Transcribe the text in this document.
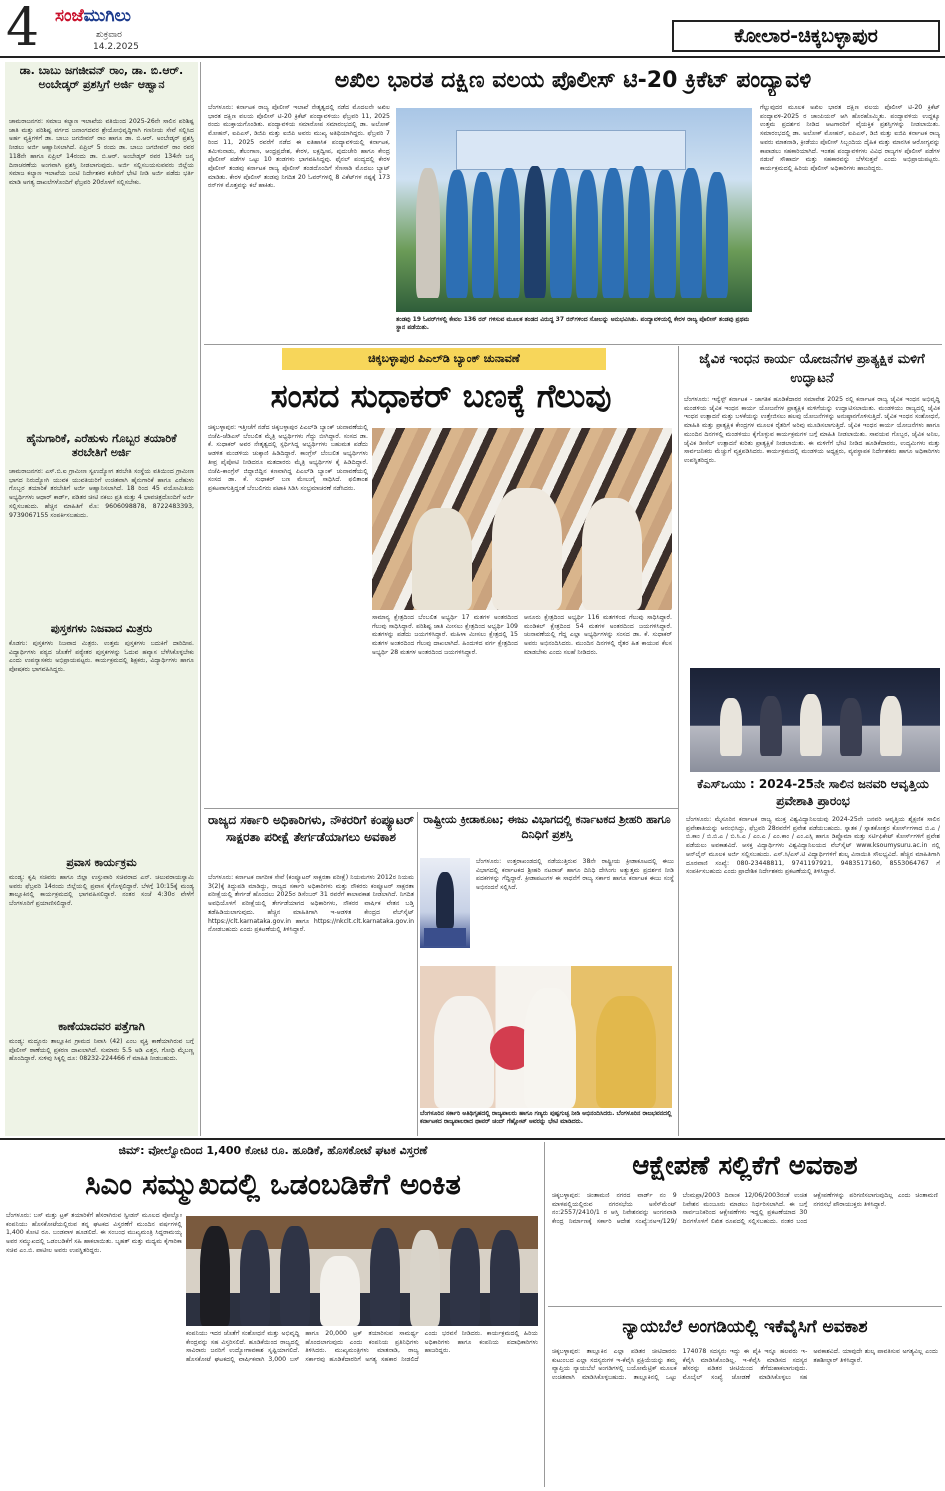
4 ಸಂಜೆಮುಗಿಲು
ಶುಕ್ರವಾರ
14.2.2025	ಕೋಲಾರ-ಚಿಕ್ಕಬಳ್ಳಾಪುರ
ಡಾ. ಬಾಬು ಜಗಜೀವನ್ ರಾಂ, ಡಾ. ಬಿ.ಆರ್. ಅಂಬೇಡ್ಕರ್ ಪ್ರಶಸ್ತಿಗೆ ಅರ್ಜಿ ಆಹ್ವಾನ
ಚಾಮರಾಜನಗರ: ಸಮಾಜ ಕಲ್ಯಾಣ ಇಲಾಖೆಯ ವತಿಯಿಂದ 2025-26ನೇ ಸಾಲಿನ ಪರಿಶಿಷ್ಟ ಜಾತಿ ಮತ್ತು ಪರಿಶಿಷ್ಟ ವರ್ಗದ ಜನಾಂಗದವರ ಶ್ರೇಯೋಭಿವೃದ್ಧಿಗಾಗಿ ಗಣನೀಯ ಸೇವೆ ಸಲ್ಲಿಸಿದ ಅರ್ಹ ವ್ಯಕ್ತಿಗಳಿಗೆ ಡಾ. ಬಾಬು ಜಗಜೀವನ್ ರಾಂ ಹಾಗೂ ಡಾ. ಬಿ.ಆರ್. ಅಂಬೇಡ್ಕರ್ ಪ್ರಶಸ್ತಿ ನೀಡಲು ಅರ್ಜಿ ಆಹ್ವಾನಿಸಲಾಗಿದೆ. ಏಪ್ರಿಲ್ 5 ರಂದು ಡಾ. ಬಾಬು ಜಗಜೀವನ್ ರಾಂ ರವರ 118ನೇ ಹಾಗೂ ಏಪ್ರಿಲ್ 14ರಂದು ಡಾ. ಬಿ.ಆರ್. ಅಂಬೇಡ್ಕರ್ ರವರ 134ನೇ ಜನ್ಮ ದಿನಾಚರಣೆಯ ಅಂಗವಾಗಿ ಪ್ರಶಸ್ತಿ ನೀಡಲಾಗುವುದು. ಅರ್ಜಿ ಸಲ್ಲಿಸಬಯಸುವವರು ಜಿಲ್ಲೆಯ ಸಮಾಜ ಕಲ್ಯಾಣ ಇಲಾಖೆಯ ಜಂಟಿ ನಿರ್ದೇಶಕರ ಕಚೇರಿಗೆ ಭೇಟಿ ನೀಡಿ ಅರ್ಜಿ ಪಡೆದು ಭರ್ತಿ ಮಾಡಿ ಅಗತ್ಯ ದಾಖಲೆಗಳೊಂದಿಗೆ ಫೆಬ್ರವರಿ 20ರೊಳಗೆ ಸಲ್ಲಿಸಬೇಕು.
ಹೈನುಗಾರಿಕೆ, ಎರೆಹುಳು ಗೊಬ್ಬರ ತಯಾರಿಕೆ ತರಬೇತಿಗೆ ಅರ್ಜಿ
ಚಾಮರಾಜನಗರ: ಎಸ್.ಬಿ.ಐ ಗ್ರಾಮೀಣ ಸ್ವಉದ್ಯೋಗ ತರಬೇತಿ ಸಂಸ್ಥೆಯ ವತಿಯಿಂದ ಗ್ರಾಮೀಣ ಭಾಗದ ನಿರುದ್ಯೋಗಿ ಯುವಕ ಯುವತಿಯರಿಗೆ ಉಚಿತವಾಗಿ ಹೈನುಗಾರಿಕೆ ಹಾಗೂ ಎರೆಹುಳು ಗೊಬ್ಬರ ತಯಾರಿಕೆ ತರಬೇತಿಗೆ ಅರ್ಜಿ ಆಹ್ವಾನಿಸಲಾಗಿದೆ. 18 ರಿಂದ 45 ವಯೋಮಿತಿಯ ಅಭ್ಯರ್ಥಿಗಳು ಆಧಾರ್ ಕಾರ್ಡ್, ಪಡಿತರ ಚೀಟಿ ನಕಲು ಪ್ರತಿ ಮತ್ತು 4 ಭಾವಚಿತ್ರದೊಂದಿಗೆ ಅರ್ಜಿ ಸಲ್ಲಿಸಬಹುದು. ಹೆಚ್ಚಿನ ಮಾಹಿತಿಗೆ ಮೊ: 9606098878, 8722483393, 9739067155 ಸಂಪರ್ಕಿಸಬಹುದು.
ಪುಸ್ತಕಗಳು ನಿಜವಾದ ಮಿತ್ರರು
ಕೊಡಗು: ಪುಸ್ತಕಗಳು ನಿಜವಾದ ಮಿತ್ರರು. ಉತ್ತಮ ಪುಸ್ತಕಗಳು ಬದುಕಿಗೆ ದಾರಿದೀಪ. ವಿದ್ಯಾರ್ಥಿಗಳು ಪಠ್ಯದ ಜೊತೆಗೆ ಪಠ್ಯೇತರ ಪುಸ್ತಕಗಳನ್ನು ಓದುವ ಹವ್ಯಾಸ ಬೆಳೆಸಿಕೊಳ್ಳಬೇಕು ಎಂದು ಉಪನ್ಯಾಸಕರು ಅಭಿಪ್ರಾಯಪಟ್ಟರು. ಕಾರ್ಯಕ್ರಮದಲ್ಲಿ ಶಿಕ್ಷಕರು, ವಿದ್ಯಾರ್ಥಿಗಳು ಹಾಗೂ ಪೋಷಕರು ಭಾಗವಹಿಸಿದ್ದರು.
ಪ್ರವಾಸ ಕಾರ್ಯಕ್ರಮ
ಮಂಡ್ಯ: ಕೃಷಿ ಸಚಿವರು ಹಾಗೂ ಜಿಲ್ಲಾ ಉಸ್ತುವಾರಿ ಸಚಿವರಾದ ಎನ್. ಚಲುವರಾಯಸ್ವಾಮಿ ಅವರು ಫೆಬ್ರವರಿ 14ರಂದು ಜಿಲ್ಲೆಯಲ್ಲಿ ಪ್ರವಾಸ ಕೈಗೊಳ್ಳಲಿದ್ದಾರೆ. ಬೆಳಗ್ಗೆ 10:15ಕ್ಕೆ ಮಂಡ್ಯ ತಾಲ್ಲೂಕಿನಲ್ಲಿ ಕಾರ್ಯಕ್ರಮದಲ್ಲಿ ಭಾಗವಹಿಸಲಿದ್ದಾರೆ. ನಂತರ ಸಂಜೆ 4:30ರ ವೇಳೆಗೆ ಬೆಂಗಳೂರಿಗೆ ಪ್ರಯಾಣಿಸಲಿದ್ದಾರೆ.
ಕಾಣೆಯಾದವರ ಪತ್ತೆಗಾಗಿ
ಮಂಡ್ಯ: ಮದ್ದೂರು ತಾಲ್ಲೂಕಿನ ಗ್ರಾಮದ ನಿವಾಸಿ (42) ಎಂಬ ವ್ಯಕ್ತಿ ಕಾಣೆಯಾಗಿರುವ ಬಗ್ಗೆ ಪೊಲೀಸ್ ಠಾಣೆಯಲ್ಲಿ ಪ್ರಕರಣ ದಾಖಲಾಗಿದೆ. ಸುಮಾರು 5.5 ಅಡಿ ಎತ್ತರ, ಗೋಧಿ ಮೈಬಣ್ಣ ಹೊಂದಿದ್ದಾರೆ. ಸುಳಿವು ಸಿಕ್ಕಲ್ಲಿ ದೂ: 08232-224466 ಗೆ ಮಾಹಿತಿ ನೀಡಬಹುದು.
ಅಖಿಲ ಭಾರತ ದಕ್ಷಿಣ ವಲಯ ಪೊಲೀಸ್ ಟಿ-20 ಕ್ರಿಕೆಟ್ ಪಂದ್ಯಾವಳಿ
ಬೆಂಗಳೂರು: ಕರ್ನಾಟಕ ರಾಜ್ಯ ಪೊಲೀಸ್ ಇಲಾಖೆ ನೇತೃತ್ವದಲ್ಲಿ ನಡೆದ ಮೊದಲನೇ ಅಖಿಲ ಭಾರತ ದಕ್ಷಿಣ ವಲಯ ಪೊಲೀಸ್ ಟಿ-20 ಕ್ರಿಕೆಟ್ ಪಂದ್ಯಾವಳಿಯು ಫೆಬ್ರವರಿ 11, 2025 ರಂದು ಮುಕ್ತಾಯಗೊಂಡಿತು. ಪಂದ್ಯಾವಳಿಯ ಸಮಾರೋಪ ಸಮಾರಂಭದಲ್ಲಿ ಡಾ. ಅಲೋಕ್ ಮೋಹನ್, ಐಪಿಎಸ್, ಡಿಜಿಪಿ ಮತ್ತು ಐಜಿಪಿ ಅವರು ಮುಖ್ಯ ಅತಿಥಿಯಾಗಿದ್ದರು. ಫೆಬ್ರವರಿ 7 ರಿಂದ 11, 2025 ರವರೆಗೆ ನಡೆದ ಈ ಐತಿಹಾಸಿಕ ಪಂದ್ಯಾವಳಿಯಲ್ಲಿ ಕರ್ನಾಟಕ, ತಮಿಳುನಾಡು, ತೆಲಂಗಾಣ, ಆಂಧ್ರಪ್ರದೇಶ, ಕೇರಳ, ಲಕ್ಷದ್ವೀಪ, ಪುದುಚೇರಿ ಹಾಗೂ ಕೇಂದ್ರ ಪೊಲೀಸ್ ಪಡೆಗಳ ಒಟ್ಟು 10 ತಂಡಗಳು ಭಾಗವಹಿಸಿದ್ದವು. ಫೈನಲ್ ಪಂದ್ಯದಲ್ಲಿ ಕೇರಳ ಪೊಲೀಸ್ ತಂಡವು ಕರ್ನಾಟಕ ರಾಜ್ಯ ಪೊಲೀಸ್ ತಂಡದೊಂದಿಗೆ ಸೆಣಸಾಡಿ ಮೊದಲು ಬ್ಯಾಟ್ ಮಾಡಿತು. ಕೇರಳ ಪೊಲೀಸ್ ತಂಡವು ನಿಗದಿತ 20 ಓವರ್‌ಗಳಲ್ಲಿ 8 ವಿಕೆಟ್‌ಗಳ ನಷ್ಟಕ್ಕೆ 173 ರನ್‌ಗಳ ಮೊತ್ತವನ್ನು ಕಲೆ ಹಾಕಿತು.
ತಂಡವು 19 ಓವರ್‌ಗಳಲ್ಲಿ ಕೇವಲ 136 ರನ್ ಗಳಿಸುವ ಮೂಲಕ ತಂಡದ ವಿರುದ್ಧ 37 ರನ್‌ಗಳಿಂದ ಸೋಲನ್ನು ಅನುಭವಿಸಿತು. ಪಂದ್ಯಾವಳಿಯಲ್ಲಿ ಕೇರಳ ರಾಜ್ಯ ಪೊಲೀಸ್ ತಂಡವು ಪ್ರಥಮ ಸ್ಥಾನ ಪಡೆಯಿತು.
ಗೆಲ್ಲುವುದರ ಮೂಲಕ ಅಖಿಲ ಭಾರತ ದಕ್ಷಿಣ ವಲಯ ಪೊಲೀಸ್ ಟಿ-20 ಕ್ರಿಕೆಟ್ ಪಂದ್ಯಾವಳಿ-2025 ರ ಚಾಂಪಿಯನ್ ಆಗಿ ಹೊರಹೊಮ್ಮಿತು. ಪಂದ್ಯಾವಳಿಯ ಉದ್ದಕ್ಕೂ ಉತ್ತಮ ಪ್ರದರ್ಶನ ನೀಡಿದ ಆಟಗಾರರಿಗೆ ವೈಯಕ್ತಿಕ ಪ್ರಶಸ್ತಿಗಳನ್ನು ನೀಡಲಾಯಿತು. ಸಮಾರಂಭದಲ್ಲಿ ಡಾ. ಅಲೋಕ್ ಮೋಹನ್, ಐಪಿಎಸ್, ಡಿಜಿ ಮತ್ತು ಐಜಿಪಿ ಕರ್ನಾಟಕ ರಾಜ್ಯ ಅವರು ಮಾತನಾಡಿ, ಕ್ರೀಡೆಯು ಪೊಲೀಸ್ ಸಿಬ್ಬಂದಿಯ ದೈಹಿಕ ಮತ್ತು ಮಾನಸಿಕ ಆರೋಗ್ಯವನ್ನು ಕಾಪಾಡಲು ಸಹಕಾರಿಯಾಗಿದೆ. ಇಂತಹ ಪಂದ್ಯಾವಳಿಗಳು ವಿವಿಧ ರಾಜ್ಯಗಳ ಪೊಲೀಸ್ ಪಡೆಗಳ ನಡುವೆ ಸೌಹಾರ್ದ ಮತ್ತು ಸಹಕಾರವನ್ನು ಬೆಳೆಸುತ್ತವೆ ಎಂದು ಅಭಿಪ್ರಾಯಪಟ್ಟರು. ಕಾರ್ಯಕ್ರಮದಲ್ಲಿ ಹಿರಿಯ ಪೊಲೀಸ್ ಅಧಿಕಾರಿಗಳು ಹಾಜರಿದ್ದರು.
ಚಿಕ್ಕಬಳ್ಳಾಪುರ ಪಿಎಲ್‌ಡಿ ಬ್ಯಾಂಕ್ ಚುನಾವಣೆ
ಸಂಸದ ಸುಧಾಕರ್ ಬಣಕ್ಕೆ ಗೆಲುವು
ಚಿಕ್ಕಬಳ್ಳಾಪುರ: ಇತ್ತೀಚೆಗೆ ನಡೆದ ಚಿಕ್ಕಬಳ್ಳಾಪುರ ಪಿಎಲ್‌ಡಿ ಬ್ಯಾಂಕ್ ಚುನಾವಣೆಯಲ್ಲಿ ಬಿಜೆಪಿ-ಜೆಡಿಎಸ್ ಬೆಂಬಲಿತ ಮೈತ್ರಿ ಅಭ್ಯರ್ಥಿಗಳು ಗೆದ್ದು ಬೀಗಿದ್ದಾರೆ. ಸಂಸದ ಡಾ. ಕೆ. ಸುಧಾಕರ್ ಅವರ ನೇತೃತ್ವದಲ್ಲಿ ಸ್ಪರ್ಧಿಸಿದ್ದ ಅಭ್ಯರ್ಥಿಗಳು ಬಹುಮತ ಪಡೆದು ಆಡಳಿತ ಮಂಡಳಿಯ ಚುಕ್ಕಾಣಿ ಹಿಡಿದಿದ್ದಾರೆ. ಕಾಂಗ್ರೆಸ್ ಬೆಂಬಲಿತ ಅಭ್ಯರ್ಥಿಗಳು ತೀವ್ರ ಪೈಪೋಟಿ ನೀಡಿದರೂ ಮತದಾರರು ಮೈತ್ರಿ ಅಭ್ಯರ್ಥಿಗಳ ಕೈ ಹಿಡಿದಿದ್ದಾರೆ. ಬಿಜೆಪಿ-ಕಾಂಗ್ರೆಸ್ ಜಿದ್ದಾಜಿದ್ದಿನ ಕಣವಾಗಿದ್ದ ಪಿಎಲ್‌ಡಿ ಬ್ಯಾಂಕ್ ಚುನಾವಣೆಯಲ್ಲಿ ಸಂಸದ ಡಾ. ಕೆ. ಸುಧಾಕರ್ ಬಣ ಮೇಲುಗೈ ಸಾಧಿಸಿದೆ. ಫಲಿತಾಂಶ ಪ್ರಕಟವಾಗುತ್ತಿದ್ದಂತೆ ಬೆಂಬಲಿಗರು ಪಟಾಕಿ ಸಿಡಿಸಿ ಸಂಭ್ರಮಾಚರಣೆ ನಡೆಸಿದರು.
ಸಾಮಾನ್ಯ ಕ್ಷೇತ್ರದಿಂದ ಬೆಂಬಲಿತ ಅಭ್ಯರ್ಥಿ 17 ಮತಗಳ ಅಂತರದಿಂದ ಗೆಲುವು ಸಾಧಿಸಿದ್ದಾರೆ. ಪರಿಶಿಷ್ಟ ಜಾತಿ ಮೀಸಲು ಕ್ಷೇತ್ರದಿಂದ ಅಭ್ಯರ್ಥಿ 109 ಮತಗಳನ್ನು ಪಡೆದು ಜಯಗಳಿಸಿದ್ದಾರೆ. ಮಹಿಳಾ ಮೀಸಲು ಕ್ಷೇತ್ರದಲ್ಲಿ 15 ಮತಗಳ ಅಂತರದಿಂದ ಗೆಲುವು ದಾಖಲಾಗಿದೆ. ಹಿಂದುಳಿದ ವರ್ಗ ಕ್ಷೇತ್ರದಿಂದ ಅಭ್ಯರ್ಥಿ 28 ಮತಗಳ ಅಂತರದಿಂದ ಜಯಗಳಿಸಿದ್ದಾರೆ.
ಆನೂರು ಕ್ಷೇತ್ರದಿಂದ ಅಭ್ಯರ್ಥಿ 116 ಮತಗಳಿಂದ ಗೆಲುವು ಸಾಧಿಸಿದ್ದಾರೆ. ಮಂಡಿಕಲ್ ಕ್ಷೇತ್ರದಿಂದ 54 ಮತಗಳ ಅಂತರದಿಂದ ಜಯಗಳಿಸಿದ್ದಾರೆ. ಚುನಾವಣೆಯಲ್ಲಿ ಗೆದ್ದ ಎಲ್ಲಾ ಅಭ್ಯರ್ಥಿಗಳನ್ನು ಸಂಸದ ಡಾ. ಕೆ. ಸುಧಾಕರ್ ಅವರು ಅಭಿನಂದಿಸಿದರು. ಮುಂದಿನ ದಿನಗಳಲ್ಲಿ ರೈತರ ಹಿತ ಕಾಯುವ ಕೆಲಸ ಮಾಡಬೇಕು ಎಂದು ಸಲಹೆ ನೀಡಿದರು.
ಜೈವಿಕ ಇಂಧನ ಕಾರ್ಯ ಯೋಜನೆಗಳ ಪ್ರಾತ್ಯಕ್ಷಿಕ ಮಳಿಗೆ ಉದ್ಘಾಟನೆ
ಬೆಂಗಳೂರು: ಇನ್ವೆಸ್ಟ್ ಕರ್ನಾಟಕ - ಜಾಗತಿಕ ಹೂಡಿಕೆದಾರರ ಸಮಾವೇಶ 2025 ರಲ್ಲಿ ಕರ್ನಾಟಕ ರಾಜ್ಯ ಜೈವಿಕ ಇಂಧನ ಅಭಿವೃದ್ಧಿ ಮಂಡಳಿಯ ಜೈವಿಕ ಇಂಧನ ಕಾರ್ಯ ಯೋಜನೆಗಳ ಪ್ರಾತ್ಯಕ್ಷಿಕ ಮಳಿಗೆಯನ್ನು ಉದ್ಘಾಟಿಸಲಾಯಿತು. ಮಂಡಳಿಯು ರಾಜ್ಯದಲ್ಲಿ ಜೈವಿಕ ಇಂಧನ ಉತ್ಪಾದನೆ ಮತ್ತು ಬಳಕೆಯನ್ನು ಉತ್ತೇಜಿಸಲು ಹಲವು ಯೋಜನೆಗಳನ್ನು ಅನುಷ್ಠಾನಗೊಳಿಸುತ್ತಿದೆ. ಜೈವಿಕ ಇಂಧನ ಸಂಶೋಧನೆ, ಮಾಹಿತಿ ಮತ್ತು ಪ್ರಾತ್ಯಕ್ಷಿಕ ಕೇಂದ್ರಗಳ ಮೂಲಕ ರೈತರಿಗೆ ಅರಿವು ಮೂಡಿಸಲಾಗುತ್ತಿದೆ. ಜೈವಿಕ ಇಂಧನ ಕಾರ್ಯ ಯೋಜನೆಗಳು ಹಾಗೂ ಮುಂದಿನ ದಿನಗಳಲ್ಲಿ ಮಂಡಳಿಯು ಕೈಗೊಳ್ಳುವ ಕಾರ್ಯಕ್ರಮಗಳ ಬಗ್ಗೆ ಮಾಹಿತಿ ನೀಡಲಾಯಿತು. ಸಾವಯವ ಗೊಬ್ಬರ, ಜೈವಿಕ ಅನಿಲ, ಜೈವಿಕ ಡೀಸೆಲ್ ಉತ್ಪಾದನೆ ಕುರಿತು ಪ್ರಾತ್ಯಕ್ಷಿಕೆ ನೀಡಲಾಯಿತು. ಈ ಮಳಿಗೆಗೆ ಭೇಟಿ ನೀಡಿದ ಹೂಡಿಕೆದಾರರು, ಉದ್ಯಮಿಗಳು ಮತ್ತು ಸಾರ್ವಜನಿಕರು ಮೆಚ್ಚುಗೆ ವ್ಯಕ್ತಪಡಿಸಿದರು. ಕಾರ್ಯಕ್ರಮದಲ್ಲಿ ಮಂಡಳಿಯ ಅಧ್ಯಕ್ಷರು, ವ್ಯವಸ್ಥಾಪಕ ನಿರ್ದೇಶಕರು ಹಾಗೂ ಅಧಿಕಾರಿಗಳು ಉಪಸ್ಥಿತರಿದ್ದರು.
ಕೆಎಸ್‌ಒಯು : 2024-25ನೇ ಸಾಲಿನ ಜನವರಿ ಆವೃತ್ತಿಯ ಪ್ರವೇಶಾತಿ ಪ್ರಾರಂಭ
ಬೆಂಗಳೂರು: ಮೈಸೂರಿನ ಕರ್ನಾಟಕ ರಾಜ್ಯ ಮುಕ್ತ ವಿಶ್ವವಿದ್ಯಾನಿಲಯವು 2024-25ನೇ ಜನವರಿ ಆವೃತ್ತಿಯ ಶೈಕ್ಷಣಿಕ ಸಾಲಿನ ಪ್ರವೇಶಾತಿಯನ್ನು ಆರಂಭಿಸಿದ್ದು, ಫೆಬ್ರವರಿ 28ರವರೆಗೆ ಪ್ರವೇಶ ಪಡೆಯಬಹುದು. ಸ್ನಾತಕ / ಸ್ನಾತಕೋತ್ತರ ಕೋರ್ಸ್‌ಗಳಾದ ಬಿ.ಎ / ಬಿ.ಕಾಂ / ಬಿ.ಬಿ.ಎ / ಬಿ.ಸಿ.ಎ / ಎಂ.ಎ / ಎಂ.ಕಾಂ / ಎಂ.ಎಸ್ಸಿ ಹಾಗೂ ಡಿಪ್ಲೊಮಾ ಮತ್ತು ಸರ್ಟಿಫಿಕೇಟ್ ಕೋರ್ಸ್‌ಗಳಿಗೆ ಪ್ರವೇಶ ಪಡೆಯಲು ಅವಕಾಶವಿದೆ. ಆಸಕ್ತ ವಿದ್ಯಾರ್ಥಿಗಳು ವಿಶ್ವವಿದ್ಯಾನಿಲಯದ ವೆಬ್‌ಸೈಟ್ www.ksoumysuru.ac.in ನಲ್ಲಿ ಆನ್‌ಲೈನ್ ಮೂಲಕ ಅರ್ಜಿ ಸಲ್ಲಿಸಬಹುದು. ಎಸ್.ಸಿ/ಎಸ್.ಟಿ ವಿದ್ಯಾರ್ಥಿಗಳಿಗೆ ಶುಲ್ಕ ವಿನಾಯಿತಿ ಸೌಲಭ್ಯವಿದೆ. ಹೆಚ್ಚಿನ ಮಾಹಿತಿಗಾಗಿ ದೂರವಾಣಿ ಸಂಖ್ಯೆ: 080-23448811, 9741197921, 9483517160, 8553064767 ಗೆ ಸಂಪರ್ಕಿಸಬಹುದು ಎಂದು ಪ್ರಾದೇಶಿಕ ನಿರ್ದೇಶಕರು ಪ್ರಕಟಣೆಯಲ್ಲಿ ತಿಳಿಸಿದ್ದಾರೆ.
ರಾಜ್ಯದ ಸರ್ಕಾರಿ ಅಧಿಕಾರಿಗಳು, ನೌಕರರಿಗೆ ಕಂಪ್ಯೂಟರ್ ಸಾಕ್ಷರತಾ ಪರೀಕ್ಷೆ ತೇರ್ಗಡೆಯಾಗಲು ಅವಕಾಶ
ಬೆಂಗಳೂರು: ಕರ್ನಾಟಕ ನಾಗರೀಕ ಸೇವೆ (ಕಂಪ್ಯೂಟರ್ ಸಾಕ್ಷರತಾ ಪರೀಕ್ಷೆ) ನಿಯಮಗಳು 2012ರ ನಿಯಮ 3(2)ಕ್ಕೆ ತಿದ್ದುಪಡಿ ಮಾಡಿದ್ದು, ರಾಜ್ಯದ ಸರ್ಕಾರಿ ಅಧಿಕಾರಿಗಳು ಮತ್ತು ನೌಕರರು ಕಂಪ್ಯೂಟರ್ ಸಾಕ್ಷರತಾ ಪರೀಕ್ಷೆಯಲ್ಲಿ ತೇರ್ಗಡೆ ಹೊಂದಲು 2025ರ ಡಿಸೆಂಬರ್ 31 ರವರೆಗೆ ಕಾಲಾವಕಾಶ ನೀಡಲಾಗಿದೆ. ನಿಗದಿತ ಅವಧಿಯೊಳಗೆ ಪರೀಕ್ಷೆಯಲ್ಲಿ ತೇರ್ಗಡೆಯಾಗದ ಅಧಿಕಾರಿಗಳು, ನೌಕರರ ವಾರ್ಷಿಕ ವೇತನ ಬಡ್ತಿ ತಡೆಹಿಡಿಯಲಾಗುವುದು. ಹೆಚ್ಚಿನ ಮಾಹಿತಿಗಾಗಿ ಇ-ಆಡಳಿತ ಕೇಂದ್ರದ ವೆಬ್‌ಸೈಟ್ https://clt.karnataka.gov.in ಹಾಗೂ https://nkclt.clt.karnataka.gov.in ನೋಡಬಹುದು ಎಂದು ಪ್ರಕಟಣೆಯಲ್ಲಿ ತಿಳಿಸಿದ್ದಾರೆ.
ರಾಷ್ಟ್ರೀಯ ಕ್ರೀಡಾಕೂಟ; ಈಜು ವಿಭಾಗದಲ್ಲಿ ಕರ್ನಾಟಕದ ಶ್ರೀಹರಿ ಹಾಗೂ ದಿನಿಧಿಗೆ ಪ್ರಶಸ್ತಿ
ಬೆಂಗಳೂರು: ಉತ್ತರಾಖಂಡದಲ್ಲಿ ನಡೆಯುತ್ತಿರುವ 38ನೇ ರಾಷ್ಟ್ರೀಯ ಕ್ರೀಡಾಕೂಟದಲ್ಲಿ ಈಜು ವಿಭಾಗದಲ್ಲಿ ಕರ್ನಾಟಕದ ಶ್ರೀಹರಿ ನಟರಾಜ್ ಹಾಗೂ ದಿನಿಧಿ ದೇಸಿಂಗು ಅತ್ಯುತ್ತಮ ಪ್ರದರ್ಶನ ನೀಡಿ ಪದಕಗಳನ್ನು ಗೆದ್ದಿದ್ದಾರೆ. ಕ್ರೀಡಾಪಟುಗಳ ಈ ಸಾಧನೆಗೆ ರಾಜ್ಯ ಸರ್ಕಾರ ಹಾಗೂ ಕರ್ನಾಟಕ ಈಜು ಸಂಸ್ಥೆ ಅಭಿನಂದನೆ ಸಲ್ಲಿಸಿದೆ.
ಬೆಂಗಳೂರಿನ ಸರ್ಕಾರಿ ಅತಿಥಿಗೃಹದಲ್ಲಿ ರಾಜ್ಯಪಾಲರು ಹಾಗೂ ಗಣ್ಯರು ಪುಷ್ಪಗುಚ್ಛ ನೀಡಿ ಅಭಿನಂದಿಸಿದರು. ಬೆಂಗಳೂರಿನ ರಾಜಭವನದಲ್ಲಿ ಕರ್ನಾಟಕದ ರಾಜ್ಯಪಾಲರಾದ ಥಾವರ್ ಚಂದ್ ಗೆಹ್ಲೋಟ್ ಅವರನ್ನು ಭೇಟಿ ಮಾಡಿದರು.
ಜಿಮ್: ವೋಲ್ವೋದಿಂದ 1,400 ಕೋಟಿ ರೂ. ಹೂಡಿಕೆ, ಹೊಸಕೋಟೆ ಘಟಕ ವಿಸ್ತರಣೆ
ಸಿಎಂ ಸಮ್ಮುಖದಲ್ಲಿ ಒಡಂಬಡಿಕೆಗೆ ಅಂಕಿತ
ಬೆಂಗಳೂರು: ಬಸ್ ಮತ್ತು ಟ್ರಕ್ ತಯಾರಿಕೆಗೆ ಹೆಸರಾಗಿರುವ ಸ್ವೀಡನ್ ಮೂಲದ ವೋಲ್ವೋ ಕಂಪನಿಯು ಹೊಸಕೋಟೆಯಲ್ಲಿರುವ ತನ್ನ ಘಟಕದ ವಿಸ್ತರಣೆಗೆ ಮುಂದಿನ ವರ್ಷಗಳಲ್ಲಿ 1,400 ಕೋಟಿ ರೂ. ಬಂಡವಾಳ ಹೂಡಲಿದೆ. ಈ ಸಂಬಂಧ ಮುಖ್ಯಮಂತ್ರಿ ಸಿದ್ದರಾಮಯ್ಯ ಅವರ ಸಮ್ಮುಖದಲ್ಲಿ ಒಡಂಬಡಿಕೆಗೆ ಸಹಿ ಹಾಕಲಾಯಿತು. ಬೃಹತ್ ಮತ್ತು ಮಧ್ಯಮ ಕೈಗಾರಿಕಾ ಸಚಿವ ಎಂ.ಬಿ. ಪಾಟೀಲ ಅವರು ಉಪಸ್ಥಿತರಿದ್ದರು.
ಕಂಪನಿಯು ಇದರ ಜೊತೆಗೆ ಸಂಶೋಧನೆ ಮತ್ತು ಅಭಿವೃದ್ಧಿ ಕೇಂದ್ರವನ್ನು ಸಹ ವಿಸ್ತರಿಸಲಿದೆ. ಹೂಡಿಕೆಯಿಂದ ರಾಜ್ಯದಲ್ಲಿ ಸಾವಿರಾರು ಜನರಿಗೆ ಉದ್ಯೋಗಾವಕಾಶ ಸೃಷ್ಟಿಯಾಗಲಿದೆ. ಹೊಸಕೋಟೆ ಘಟಕದಲ್ಲಿ ವಾರ್ಷಿಕವಾಗಿ 3,000 ಬಸ್ ಹಾಗೂ 20,000 ಟ್ರಕ್ ತಯಾರಿಸುವ ಸಾಮರ್ಥ್ಯ ಹೊಂದಲಾಗುವುದು ಎಂದು ಕಂಪನಿಯ ಪ್ರತಿನಿಧಿಗಳು ತಿಳಿಸಿದರು. ಮುಖ್ಯಮಂತ್ರಿಗಳು ಮಾತನಾಡಿ, ರಾಜ್ಯ ಸರ್ಕಾರವು ಹೂಡಿಕೆದಾರರಿಗೆ ಅಗತ್ಯ ಸಹಕಾರ ನೀಡಲಿದೆ ಎಂದು ಭರವಸೆ ನೀಡಿದರು. ಕಾರ್ಯಕ್ರಮದಲ್ಲಿ ಹಿರಿಯ ಅಧಿಕಾರಿಗಳು ಹಾಗೂ ಕಂಪನಿಯ ಪದಾಧಿಕಾರಿಗಳು ಹಾಜರಿದ್ದರು.
ಆಕ್ಷೇಪಣೆ ಸಲ್ಲಿಕೆಗೆ ಅವಕಾಶ
ಚಿಕ್ಕಬಳ್ಳಾಪುರ: ಚಿಂತಾಮಣಿ ನಗರದ ವಾರ್ಡ್ ನಂ 9 ಮಾಳಪಲ್ಲಿಯಲ್ಲಿರುವ ನಗರಸಭೆಯ ಅಸೆಸ್‌ಮೆಂಟ್ ನಂ:2557/2410/1 ರ ಆಸ್ತಿ ನಿವೇಶನವನ್ನು ಅಂಗನವಾಡಿ ಕೇಂದ್ರ ನಿರ್ಮಾಣಕ್ಕೆ ಸರ್ಕಾರಿ ಆದೇಶ ಸಂಖ್ಯೆ:ನಅಇ/129/ಬೆಂಮಪ್ರಾ/2003 ದಿನಾಂಕ 12/06/2003ರಂತೆ ಉಚಿತ ನಿವೇಶನ ಮಂಜೂರು ಮಾಡಲು ನಿರ್ಧರಿಸಲಾಗಿದೆ. ಈ ಬಗ್ಗೆ ಸಾರ್ವಜನಿಕರಿಂದ ಆಕ್ಷೇಪಣೆಗಳು ಇದ್ದಲ್ಲಿ ಪ್ರಕಟಣೆಯಾದ 30 ದಿನಗಳೊಳಗೆ ಲಿಖಿತ ರೂಪದಲ್ಲಿ ಸಲ್ಲಿಸಬಹುದು. ನಂತರ ಬಂದ ಆಕ್ಷೇಪಣೆಗಳನ್ನು ಪರಿಗಣಿಸಲಾಗುವುದಿಲ್ಲ ಎಂದು ಚಿಂತಾಮಣಿ ನಗರಸಭೆ ಪೌರಾಯುಕ್ತರು ತಿಳಿಸಿದ್ದಾರೆ.
ನ್ಯಾಯಬೆಲೆ ಅಂಗಡಿಯಲ್ಲಿ ಇಕೆವೈಸಿಗೆ ಅವಕಾಶ
ಚಿಕ್ಕಬಳ್ಳಾಪುರ: ತಾಲ್ಲೂಕಿನ ಎಲ್ಲಾ ಪಡಿತರ ಚೀಟಿದಾರರು ಕುಟುಂಬದ ಎಲ್ಲಾ ಸದಸ್ಯರುಗಳ ಇ-ಕೆವೈಸಿ ಪ್ರಕ್ರಿಯೆಯನ್ನು ತಮ್ಮ ವ್ಯಾಪ್ತಿಯ ನ್ಯಾಯಬೆಲೆ ಅಂಗಡಿಗಳಲ್ಲಿ ಬಯೋಮೆಟ್ರಿಕ್ ಮೂಲಕ ಉಚಿತವಾಗಿ ಮಾಡಿಸಿಕೊಳ್ಳಬಹುದು. ತಾಲ್ಲೂಕಿನಲ್ಲಿ ಒಟ್ಟು 174078 ಸದಸ್ಯರು ಇದ್ದು ಈ ಪೈಕಿ ಇನ್ನೂ ಹಲವರು ಇ-ಕೆವೈಸಿ ಮಾಡಿಸಿಕೊಂಡಿಲ್ಲ. ಇ-ಕೆವೈಸಿ ಮಾಡಿಸದ ಸದಸ್ಯರ ಹೆಸರನ್ನು ಪಡಿತರ ಚೀಟಿಯಿಂದ ತೆಗೆದುಹಾಕಲಾಗುವುದು. ಮೊಬೈಲ್ ಸಂಖ್ಯೆ ಜೋಡಣೆ ಮಾಡಿಸಿಕೊಳ್ಳಲು ಸಹ ಅವಕಾಶವಿದೆ. ಯಾವುದೇ ಶುಲ್ಕ ಪಾವತಿಸುವ ಅಗತ್ಯವಿಲ್ಲ ಎಂದು ತಹಶೀಲ್ದಾರ್ ತಿಳಿಸಿದ್ದಾರೆ.
